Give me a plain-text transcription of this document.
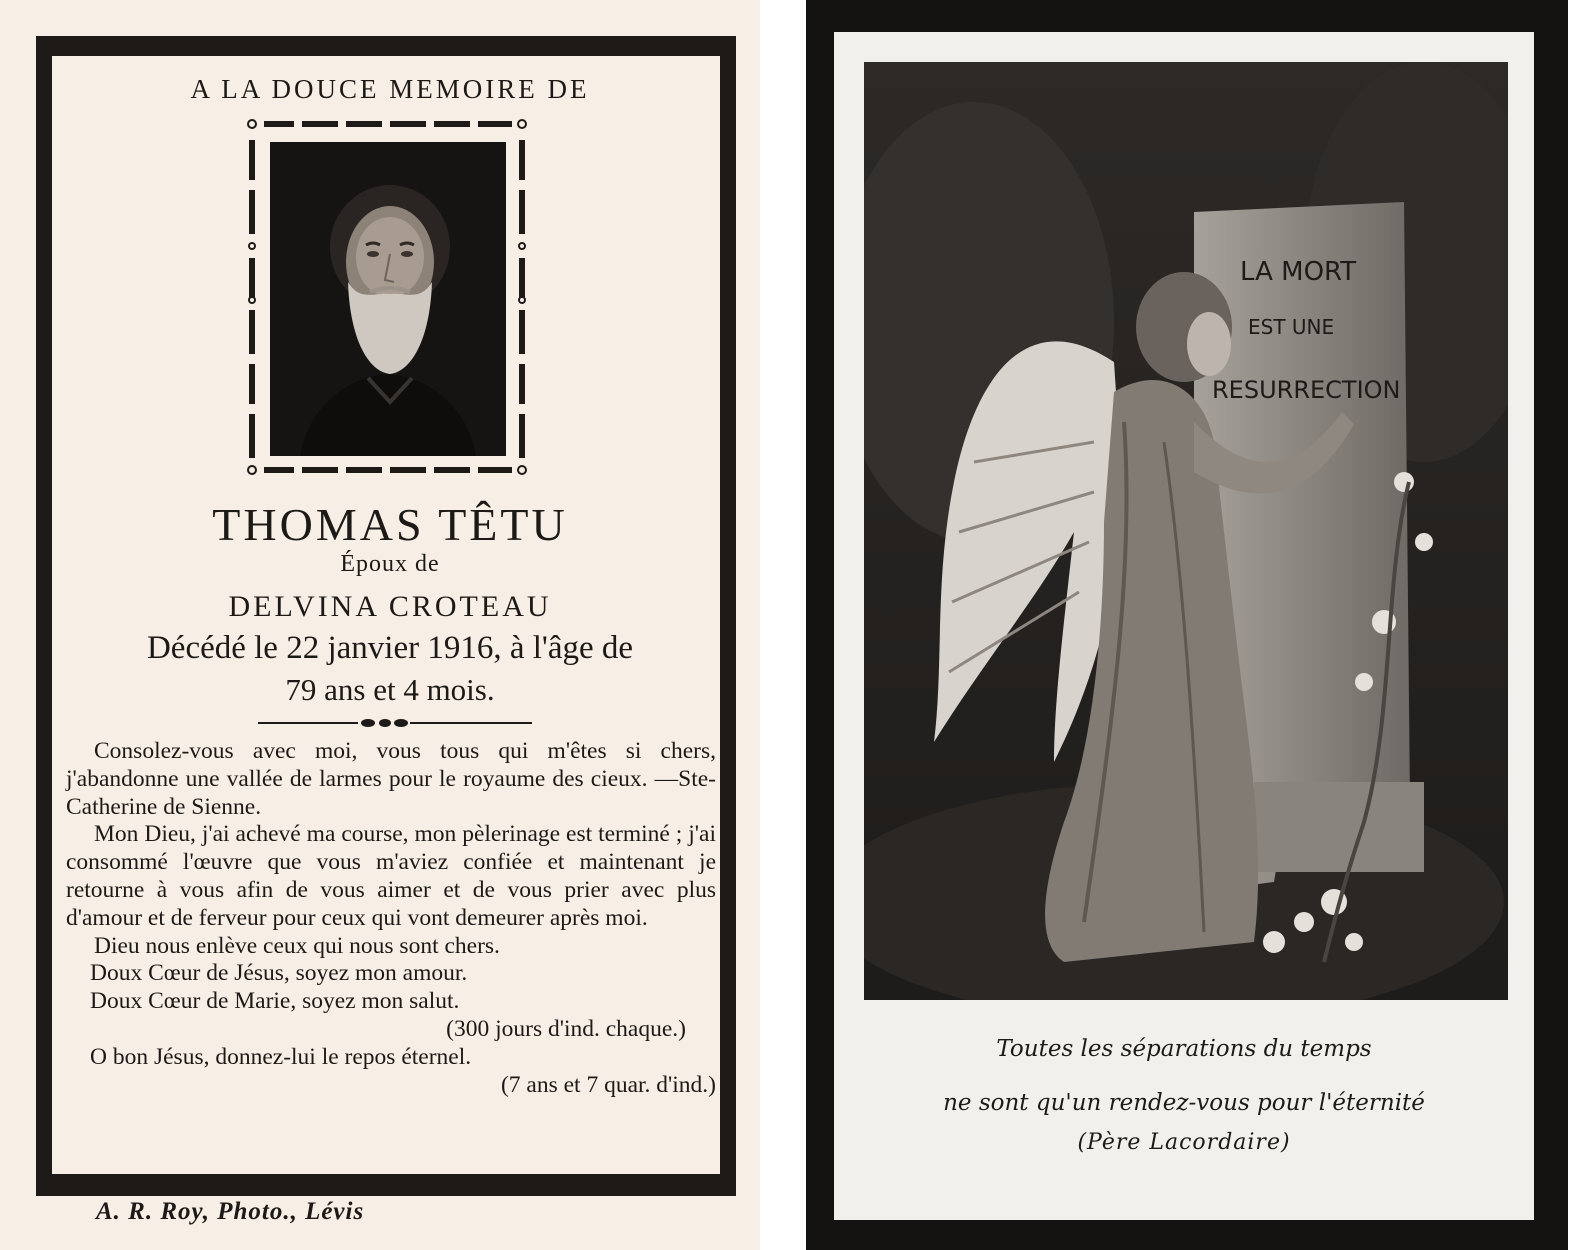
A LA DOUCE MEMOIRE DE
THOMAS TÊTU
Époux de
DELVINA CROTEAU
Décédé le 22 janvier 1916, à l'âge de
79 ans et 4 mois.

Consolez-vous avec moi, vous tous qui m'êtes si chers, j'abandonne une vallée de larmes pour le royaume des cieux. —Ste-Catherine de Sienne.

Mon Dieu, j'ai achevé ma course, mon pèlerinage est terminé ; j'ai consommé l'œuvre que vous m'aviez confiée et maintenant je retourne à vous afin de vous aimer et de vous prier avec plus d'amour et de ferveur pour ceux qui vont demeurer après moi.

Dieu nous enlève ceux qui nous sont chers.

Doux Cœur de Jésus, soyez mon amour.

Doux Cœur de Marie, soyez mon salut.

(300 jours d'ind. chaque.)

O bon Jésus, donnez-lui le repos éternel.

(7 ans et 7 quar. d'ind.)

A. R. Roy, Photo., Lévis
LA MORT
EST UNE
RESURRECTION
Toutes les séparations du temps
ne sont qu'un rendez-vous pour l'éternité
(Père Lacordaire)
